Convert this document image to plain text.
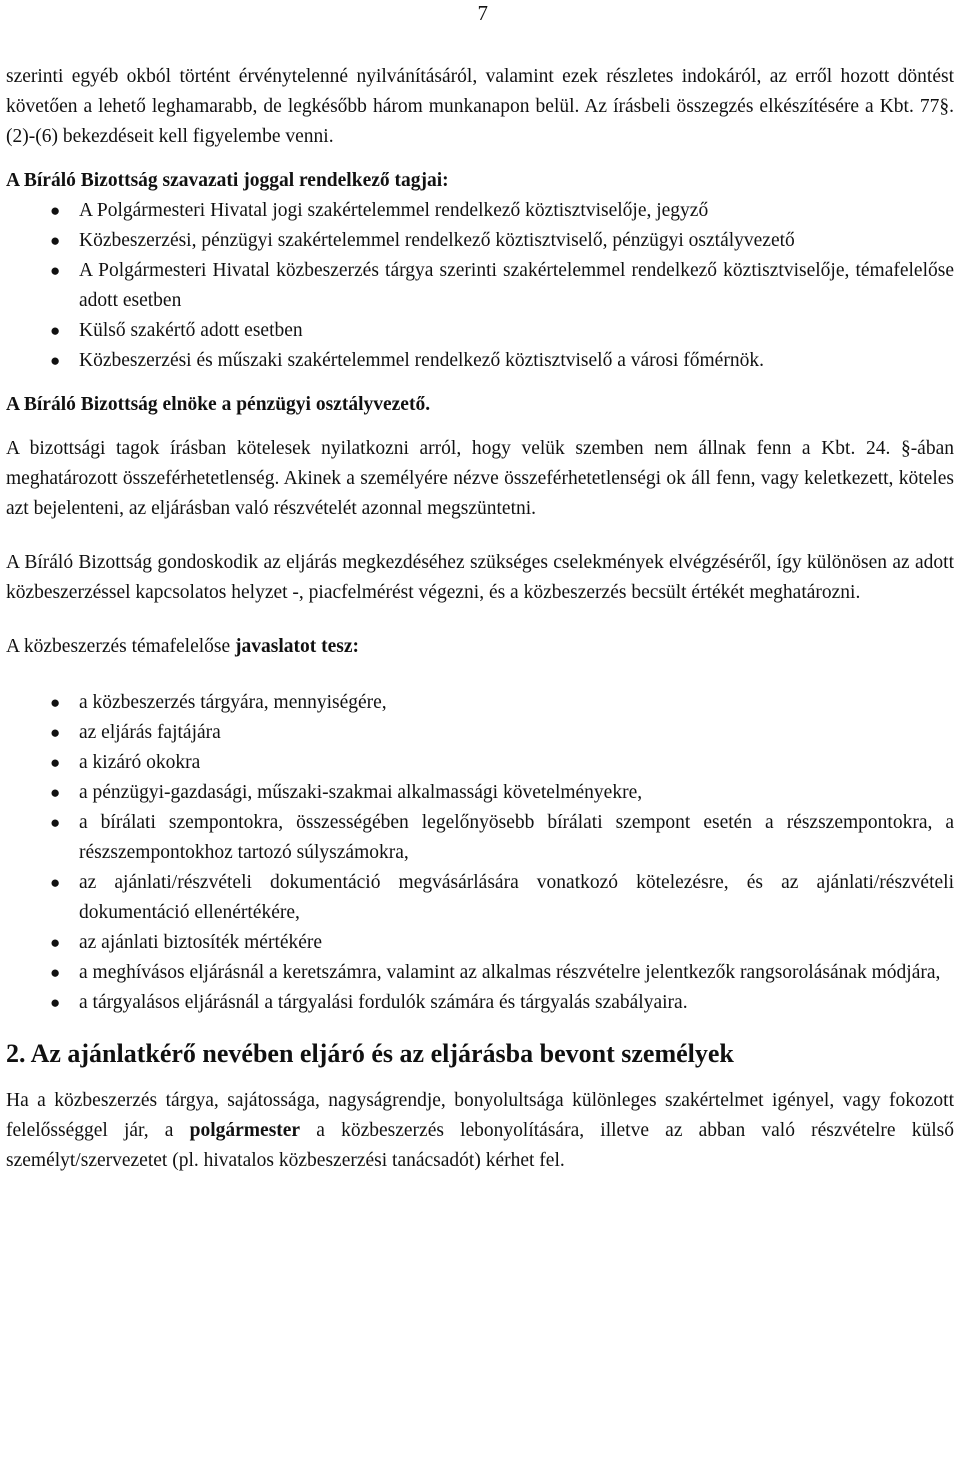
7

szerinti egyéb okból történt érvénytelenné nyilvánításáról, valamint ezek részletes indokáról, az erről hozott döntést követően a lehető leghamarabb, de legkésőbb három munkanapon belül. Az írásbeli összegzés elkészítésére a Kbt. 77§. (2)-(6) bekezdéseit kell figyelembe venni.

A Bíráló Bizottság szavazati joggal rendelkező tagjai:

● A Polgármesteri Hivatal jogi szakértelemmel rendelkező köztisztviselője, jegyző
● Közbeszerzési, pénzügyi szakértelemmel rendelkező köztisztviselő, pénzügyi osztályvezető
● A Polgármesteri Hivatal közbeszerzés tárgya szerinti szakértelemmel rendelkező köztisztviselője, témafelelőse adott esetben
● Külső szakértő adott esetben
● Közbeszerzési és műszaki szakértelemmel rendelkező köztisztviselő a városi főmérnök.

A Bíráló Bizottság elnöke a pénzügyi osztályvezető.

A bizottsági tagok írásban kötelesek nyilatkozni arról, hogy velük szemben nem állnak fenn a Kbt. 24. §-ában meghatározott összeférhetetlenség. Akinek a személyére nézve összeférhetetlenségi ok áll fenn, vagy keletkezett, köteles azt bejelenteni, az eljárásban való részvételét azonnal megszüntetni.

A Bíráló Bizottság gondoskodik az eljárás megkezdéséhez szükséges cselekmények elvégzéséről, így különösen az adott közbeszerzéssel kapcsolatos helyzet -, piacfelmérést végezni, és a közbeszerzés becsült értékét meghatározni.

A közbeszerzés témafelelőse javaslatot tesz:

● a közbeszerzés tárgyára, mennyiségére,
● az eljárás fajtájára
● a kizáró okokra
● a pénzügyi-gazdasági, műszaki-szakmai alkalmassági követelményekre,
● a bírálati szempontokra, összességében legelőnyösebb bírálati szempont esetén a részszempontokra, a részszempontokhoz tartozó súlyszámokra,
● az ajánlati/részvételi dokumentáció megvásárlására vonatkozó kötelezésre, és az ajánlati/részvételi dokumentáció ellenértékére,
● az ajánlati biztosíték mértékére
● a meghívásos eljárásnál a keretszámra, valamint az alkalmas részvételre jelentkezők rangsorolásának módjára,
● a tárgyalásos eljárásnál a tárgyalási fordulók számára és tárgyalás szabályaira.
2. Az ajánlatkérő nevében eljáró és az eljárásba bevont személyek

Ha a közbeszerzés tárgya, sajátossága, nagyságrendje, bonyolultsága különleges szakértelmet igényel, vagy fokozott felelősséggel jár, a polgármester a közbeszerzés lebonyolítására, illetve az abban való részvételre külső személyt/szervezetet (pl. hivatalos közbeszerzési tanácsadót) kérhet fel.
